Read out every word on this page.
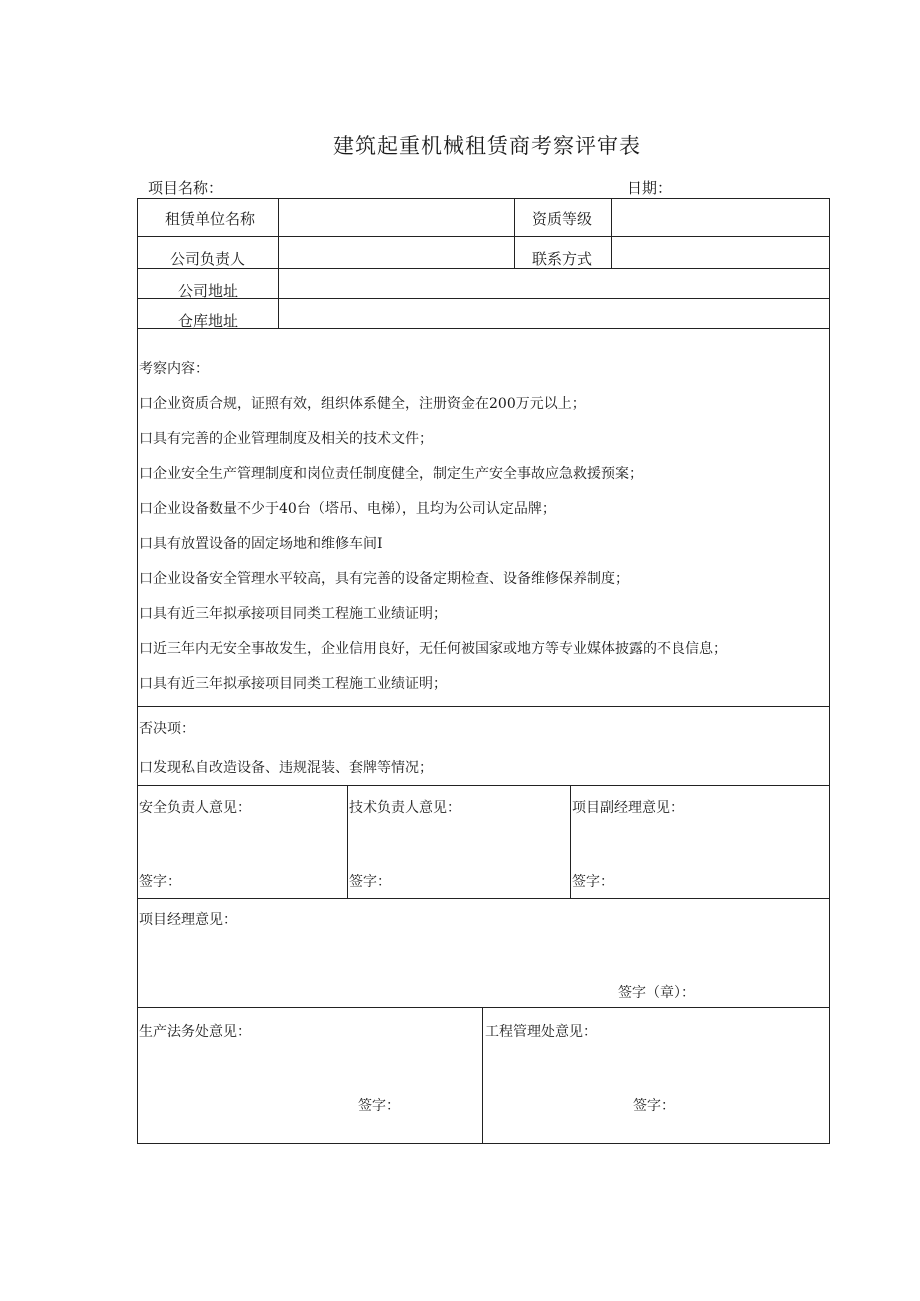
建筑起重机械租赁商考察评审表
项目名称：	日期：
租赁单位名称	资质等级
公司负责人	联系方式
公司地址
仓库地址
考察内容：
口企业资质合规，证照有效，组织体系健全，注册资金在200万元以上；
口具有完善的企业管理制度及相关的技术文件；
口企业安全生产管理制度和岗位责任制度健全，制定生产安全事故应急救援预案；
口企业设备数量不少于40台（塔吊、电梯），且均为公司认定品牌；
口具有放置设备的固定场地和维修车间I
口企业设备安全管理水平较高，具有完善的设备定期检查、设备维修保养制度；
口具有近三年拟承接项目同类工程施工业绩证明；
口近三年内无安全事故发生，企业信用良好，无任何被国家或地方等专业媒体披露的不良信息；
口具有近三年拟承接项目同类工程施工业绩证明；
否决项：
口发现私自改造设备、违规混装、套牌等情况；
安全负责人意见：	技术负责人意见：	项目副经理意见：
签字：	签字：	签字：
项目经理意见：
签字（章）：
生产法务处意见：	工程管理处意见：
签字：	签字：
